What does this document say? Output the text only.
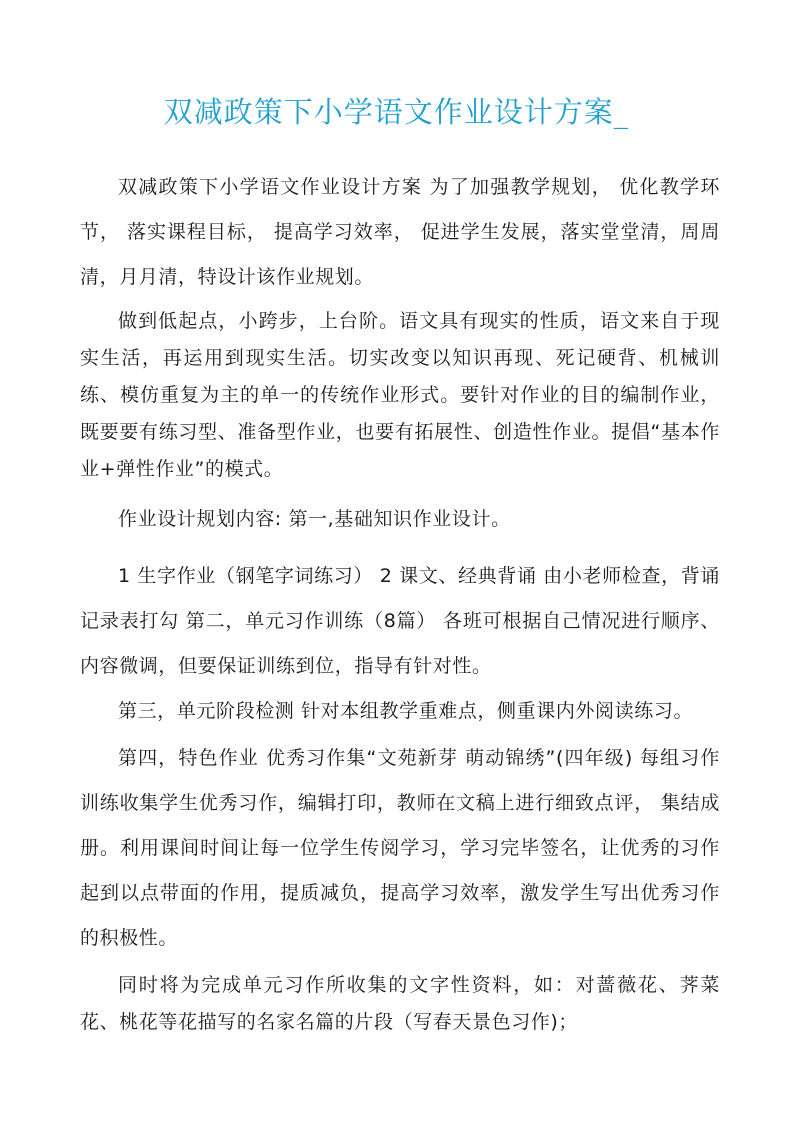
双减政策下小学语文作业设计方案_

双减政策下小学语文作业设计方案 为了加强教学规划， 优化教学环节， 落实课程目标， 提高学习效率， 促进学生发展，落实堂堂清，周周清，月月清，特设计该作业规划。

做到低起点，小跨步，上台阶。语文具有现实的性质，语文来自于现实生活，再运用到现实生活。切实改变以知识再现、死记硬背、机械训练、模仿重复为主的单一的传统作业形式。要针对作业的目的编制作业，既要要有练习型、准备型作业，也要有拓展性、创造性作业。提倡“基本作业+弹性作业”的模式。

作业设计规划内容: 第一,基础知识作业设计。

1 生字作业（钢笔字词练习） 2 课文、经典背诵 由小老师检查，背诵记录表打勾 第二，单元习作训练（8篇） 各班可根据自己情况进行顺序、内容微调，但要保证训练到位，指导有针对性。

第三，单元阶段检测 针对本组教学重难点，侧重课内外阅读练习。

第四，特色作业 优秀习作集“文苑新芽 萌动锦绣”(四年级) 每组习作训练收集学生优秀习作，编辑打印，教师在文稿上进行细致点评， 集结成册。利用课间时间让每一位学生传阅学习，学习完毕签名，让优秀的习作起到以点带面的作用，提质减负，提高学习效率，激发学生写出优秀习作的积极性。

同时将为完成单元习作所收集的文字性资料，如：对蔷薇花、荠菜花、桃花等花描写的名家名篇的片段（写春天景色习作)；
